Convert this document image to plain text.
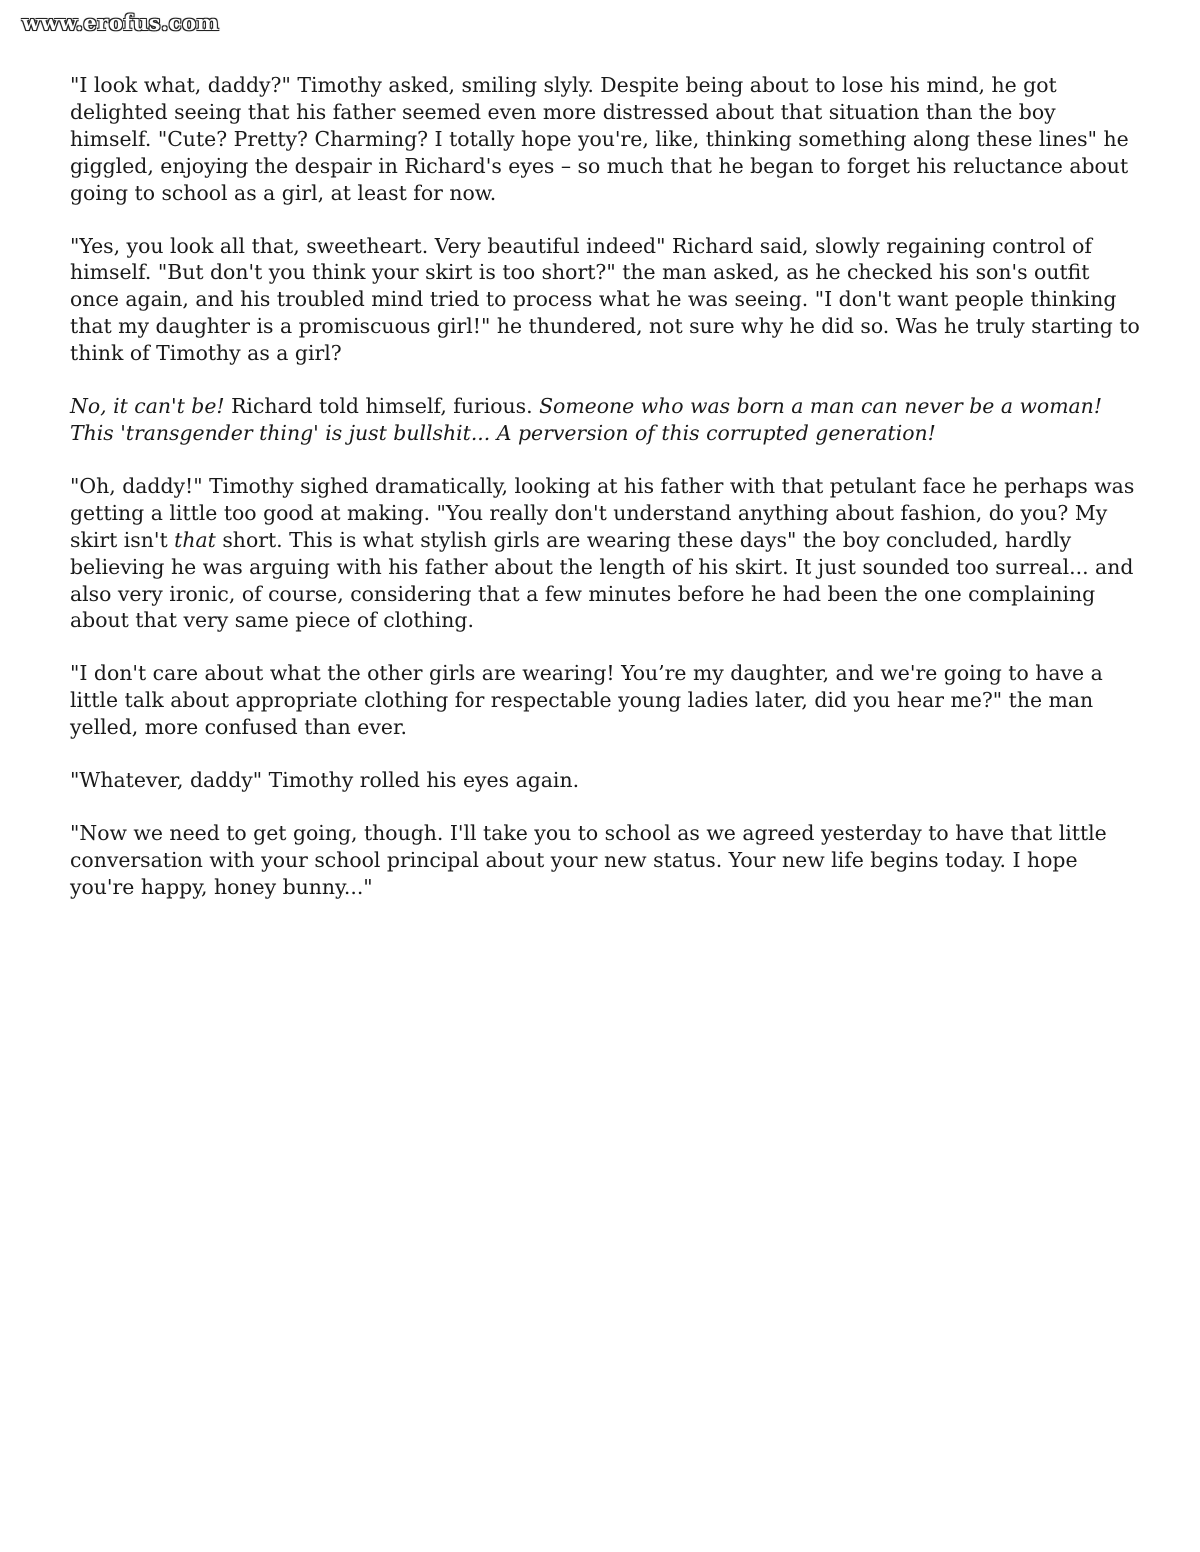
www.erofus.com

"I look what, daddy?" Timothy asked, smiling slyly. Despite being about to lose his mind, he got delighted seeing that his father seemed even more distressed about that situation than the boy himself. "Cute? Pretty? Charming? I totally hope you're, like, thinking something along these lines" he giggled, enjoying the despair in Richard's eyes – so much that he began to forget his reluctance about going to school as a girl, at least for now.

"Yes, you look all that, sweetheart. Very beautiful indeed" Richard said, slowly regaining control of himself. "But don't you think your skirt is too short?" the man asked, as he checked his son's outfit once again, and his troubled mind tried to process what he was seeing. "I don't want people thinking that my daughter is a promiscuous girl!" he thundered, not sure why he did so. Was he truly starting to think of Timothy as a girl?

No, it can't be! Richard told himself, furious. Someone who was born a man can never be a woman! This 'transgender thing' is just bullshit... A perversion of this corrupted generation!

"Oh, daddy!" Timothy sighed dramatically, looking at his father with that petulant face he perhaps was getting a little too good at making. "You really don't understand anything about fashion, do you? My skirt isn't that short. This is what stylish girls are wearing these days" the boy concluded, hardly believing he was arguing with his father about the length of his skirt. It just sounded too surreal... and also very ironic, of course, considering that a few minutes before he had been the one complaining about that very same piece of clothing.

"I don't care about what the other girls are wearing! You’re my daughter, and we're going to have a little talk about appropriate clothing for respectable young ladies later, did you hear me?" the man yelled, more confused than ever.

"Whatever, daddy" Timothy rolled his eyes again.

"Now we need to get going, though. I'll take you to school as we agreed yesterday to have that little conversation with your school principal about your new status. Your new life begins today. I hope you're happy, honey bunny..."
